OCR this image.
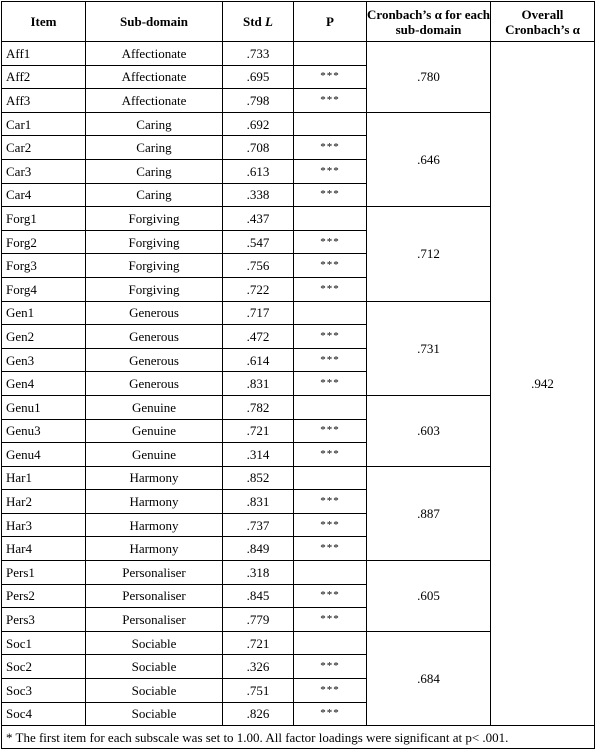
Item	Sub-domain	Std L	P	Cronbach’s α for each sub-domain	Overall Cronbach’s α
Aff1	Affectionate	.733		.780	.942
Aff2	Affectionate	.695	***		
Aff3	Affectionate	.798	***		
Car1	Caring	.692		.646	
Car2	Caring	.708	***		
Car3	Caring	.613	***		
Car4	Caring	.338	***		
Forg1	Forgiving	.437		.712	
Forg2	Forgiving	.547	***		
Forg3	Forgiving	.756	***		
Forg4	Forgiving	.722	***		
Gen1	Generous	.717		.731	
Gen2	Generous	.472	***		
Gen3	Generous	.614	***		
Gen4	Generous	.831	***		
Genu1	Genuine	.782		.603	
Genu3	Genuine	.721	***		
Genu4	Genuine	.314	***		
Har1	Harmony	.852		.887	
Har2	Harmony	.831	***		
Har3	Harmony	.737	***		
Har4	Harmony	.849	***		
Pers1	Personaliser	.318		.605	
Pers2	Personaliser	.845	***		
Pers3	Personaliser	.779	***		
Soc1	Sociable	.721		.684	
Soc2	Sociable	.326	***		
Soc3	Sociable	.751	***		
Soc4	Sociable	.826	***		
* The first item for each subscale was set to 1.00. All factor loadings were significant at p< .001.					
